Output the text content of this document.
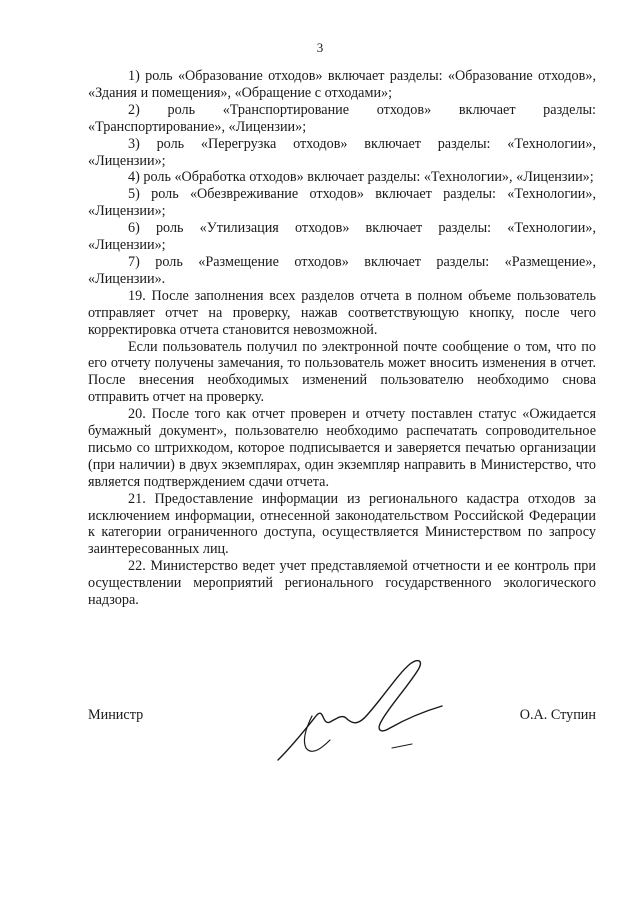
3

1) роль «Образование отходов» включает разделы: «Образование отходов», «Здания и помещения», «Обращение с отходами»;

2) роль «Транспортирование отходов» включает разделы: «Транспортирование», «Лицензии»;

3) роль «Перегрузка отходов» включает разделы: «Технологии», «Лицензии»;

4) роль «Обработка отходов» включает разделы: «Технологии», «Лицензии»;

5) роль «Обезвреживание отходов» включает разделы: «Технологии», «Лицензии»;

6) роль «Утилизация отходов» включает разделы: «Технологии», «Лицензии»;

7) роль «Размещение отходов» включает разделы: «Размещение», «Лицензии».

19. После заполнения всех разделов отчета в полном объеме пользователь отправляет отчет на проверку, нажав соответствующую кнопку, после чего корректировка отчета становится невозможной.

Если пользователь получил по электронной почте сообщение о том, что по его отчету получены замечания, то пользователь может вносить изменения в отчет. После внесения необходимых изменений пользователю необходимо снова отправить отчет на проверку.

20. После того как отчет проверен и отчету поставлен статус «Ожидается бумажный документ», пользователю необходимо распечатать сопроводительное письмо со штрихкодом, которое подписывается и заверяется печатью организации (при наличии) в двух экземплярах, один экземпляр направить в Министерство, что является подтверждением сдачи отчета.

21. Предоставление информации из регионального кадастра отходов за исключением информации, отнесенной законодательством Российской Федерации к категории ограниченного доступа, осуществляется Министерством по запросу заинтересованных лиц.

22. Министерство ведет учет представляемой отчетности и ее контроль при осуществлении мероприятий регионального государственного экологического надзора.

Министр	О.А. Ступин
